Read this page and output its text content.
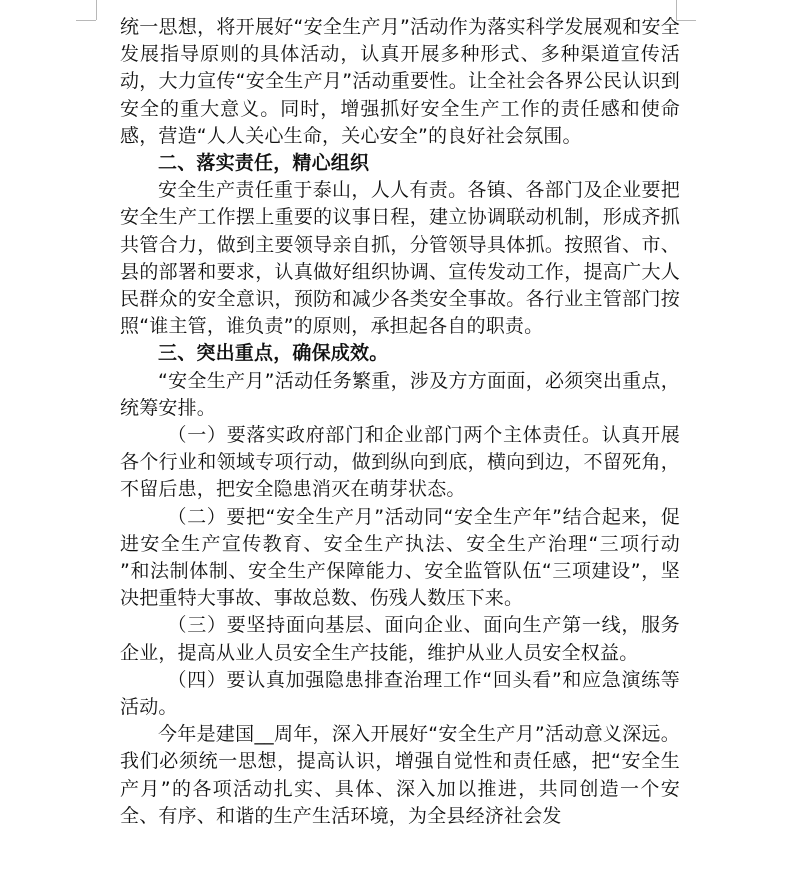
统一思想，将开展好“安全生产月”活动作为落实科学发展观和安全发展指导原则的具体活动，认真开展多种形式、多种渠道宣传活动，大力宣传“安全生产月”活动重要性。让全社会各界公民认识到安全的重大意义。同时，增强抓好安全生产工作的责任感和使命感，营造“人人关心生命，关心安全”的良好社会氛围。

二、落实责任，精心组织

安全生产责任重于泰山，人人有责。各镇、各部门及企业要把安全生产工作摆上重要的议事日程，建立协调联动机制，形成齐抓共管合力，做到主要领导亲自抓，分管领导具体抓。按照省、市、县的部署和要求，认真做好组织协调、宣传发动工作，提高广大人民群众的安全意识，预防和减少各类安全事故。各行业主管部门按照“谁主管，谁负责”的原则，承担起各自的职责。

三、突出重点，确保成效。

“安全生产月”活动任务繁重，涉及方方面面，必须突出重点，统筹安排。

（一）要落实政府部门和企业部门两个主体责任。认真开展各个行业和领域专项行动，做到纵向到底，横向到边，不留死角，不留后患，把安全隐患消灭在萌芽状态。

（二）要把“安全生产月”活动同“安全生产年”结合起来，促进安全生产宣传教育、安全生产执法、安全生产治理“三项行动 ”和法制体制、安全生产保障能力、安全监管队伍“三项建设”，坚决把重特大事故、事故总数、伤残人数压下来。

（三）要坚持面向基层、面向企业、面向生产第一线，服务企业，提高从业人员安全生产技能，维护从业人员安全权益。

（四）要认真加强隐患排查治理工作“回头看”和应急演练等活动。

今年是建国__周年，深入开展好“安全生产月”活动意义深远。我们必须统一思想，提高认识，增强自觉性和责任感，把“安全生产月”的各项活动扎实、具体、深入加以推进，共同创造一个安全、有序、和谐的生产生活环境，为全县经济社会发
